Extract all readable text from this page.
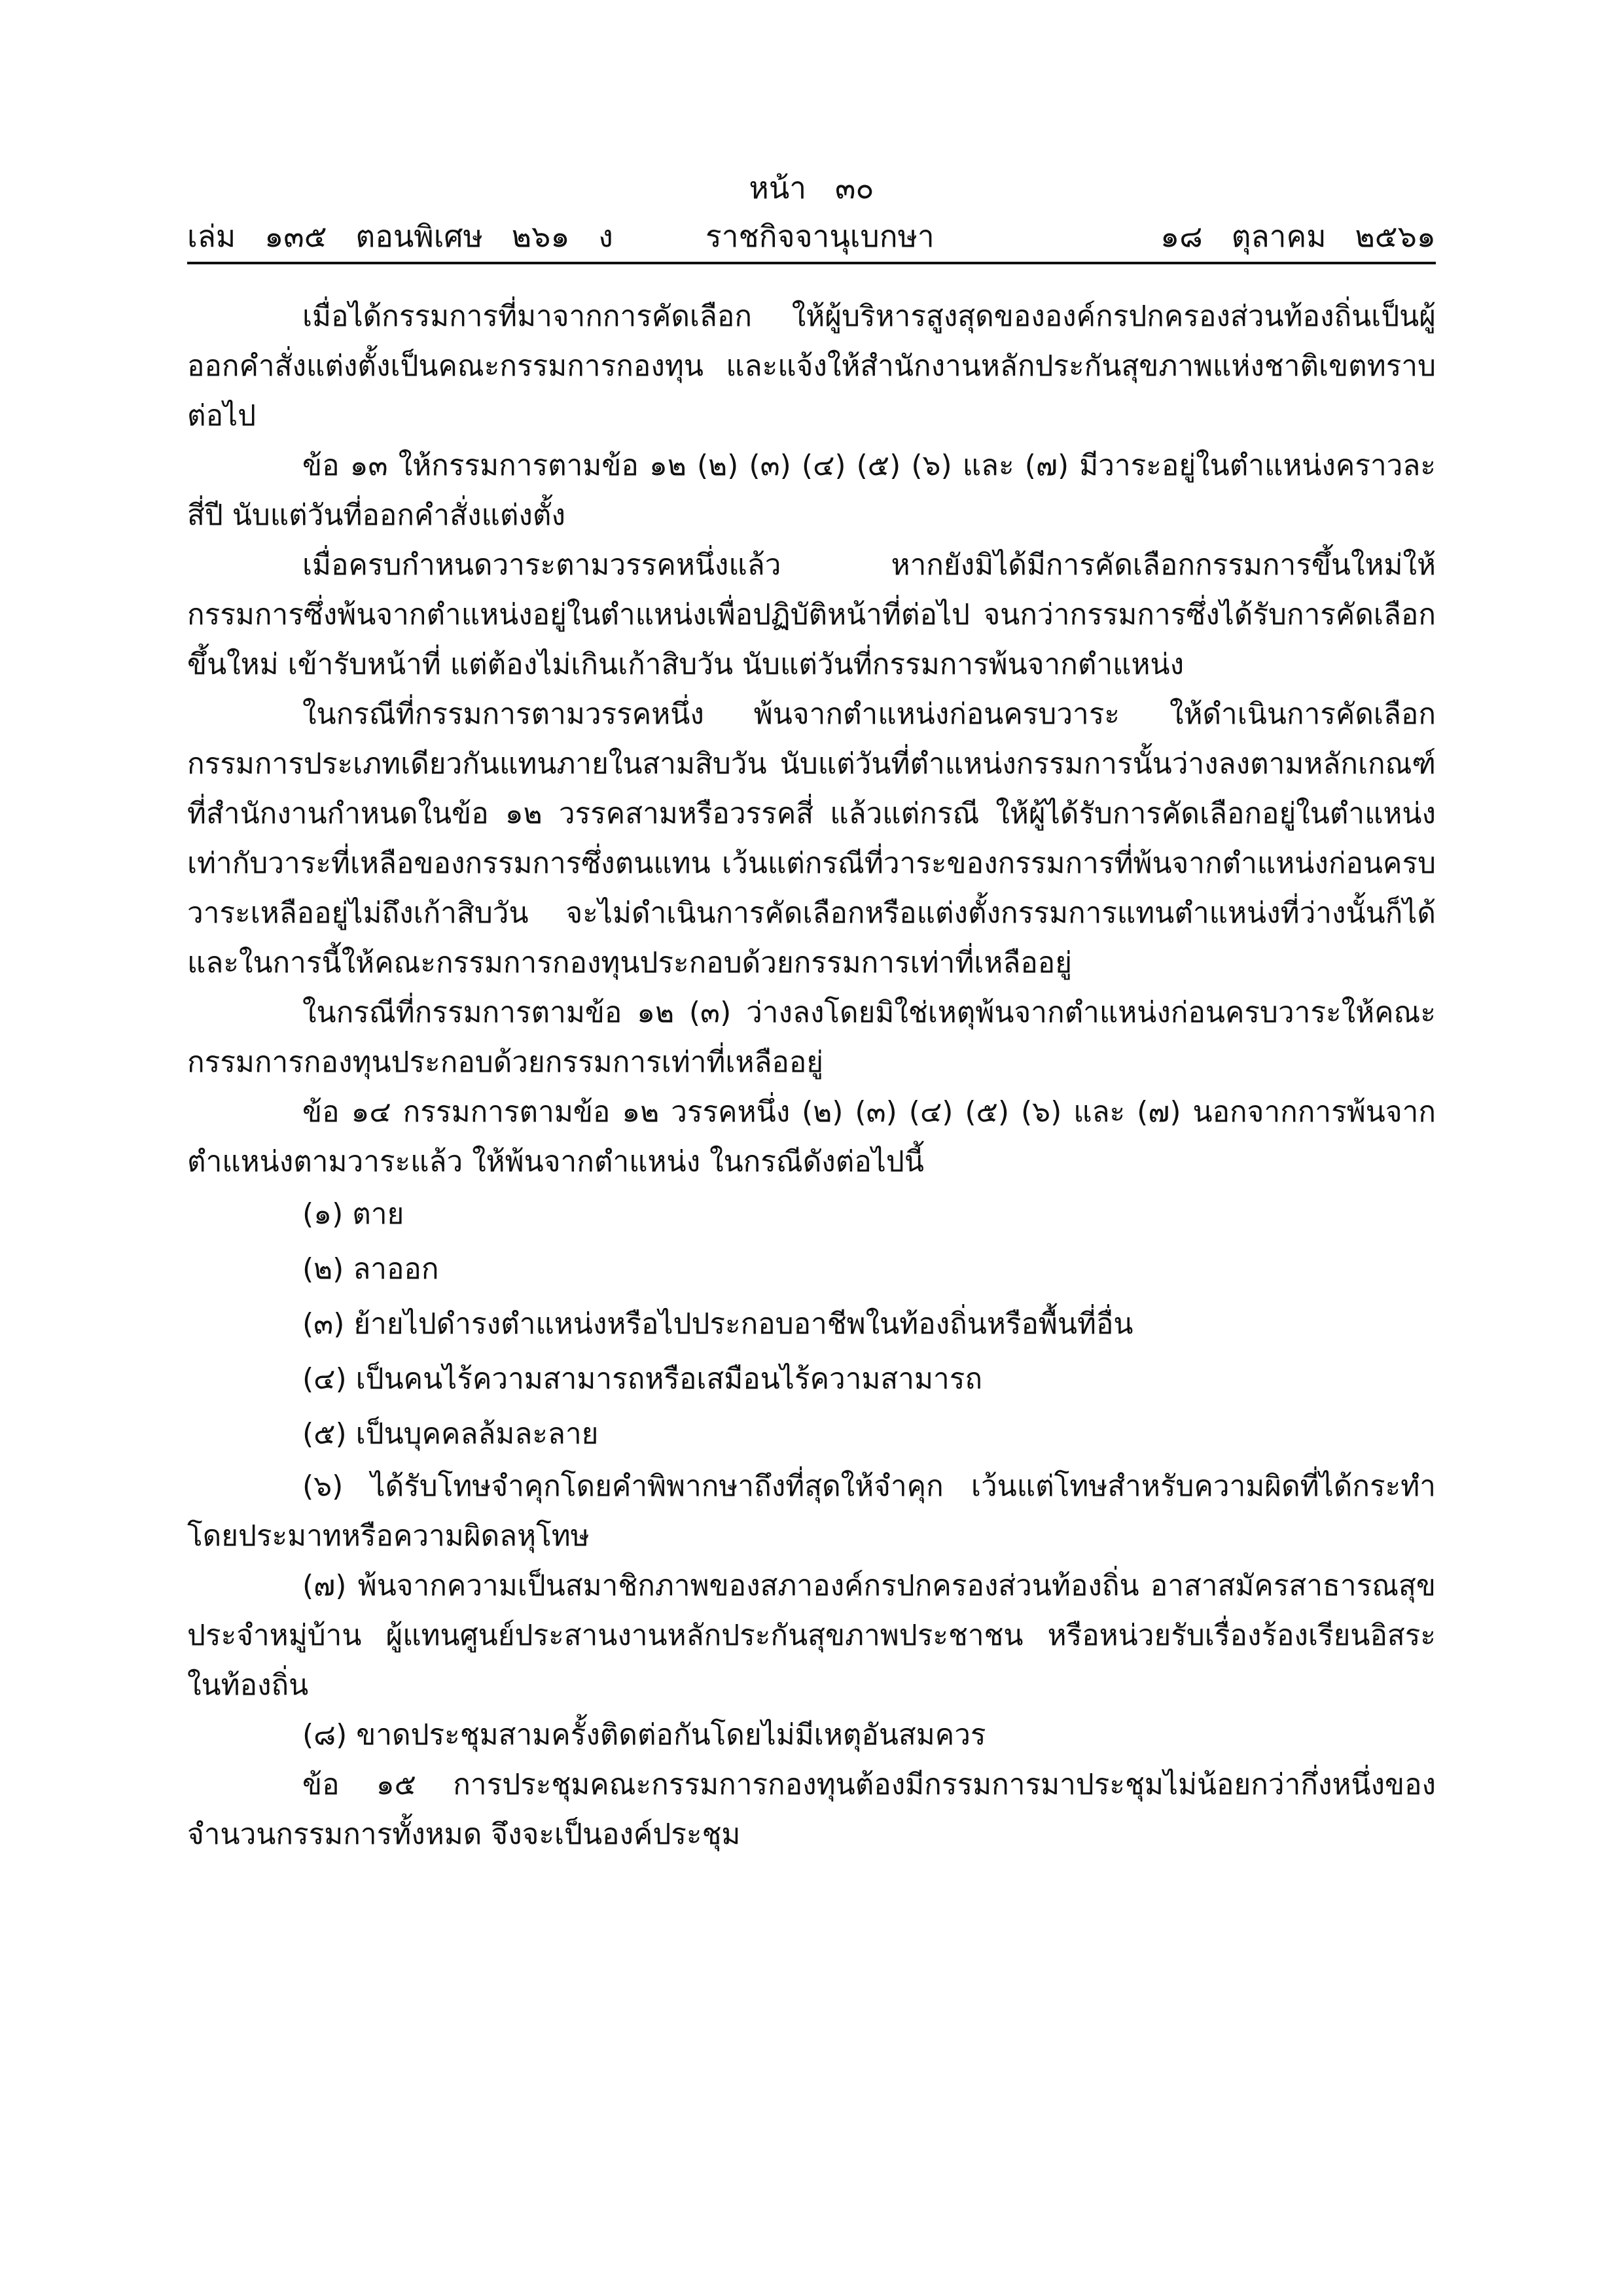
หน้า   ๓๐

เล่ม   ๑๓๕   ตอนพิเศษ   ๒๖๑   ง

	ราชกิจจานุเบกษา

	๑๘   ตุลาคม   ๒๕๖๑

เมื่อได้กรรมการที่มาจากการคัดเลือก ให้ผู้บริหารสูงสุดขององค์กรปกครองส่วนท้องถิ่นเป็นผู้ออกคำสั่งแต่งตั้งเป็นคณะกรรมการกองทุน และแจ้งให้สำนักงานหลักประกันสุขภาพแห่งชาติเขตทราบต่อไป

ข้อ ๑๓ ให้กรรมการตามข้อ ๑๒ (๒) (๓) (๔) (๕) (๖) และ (๗) มีวาระอยู่ในตำแหน่งคราวละสี่ปี นับแต่วันที่ออกคำสั่งแต่งตั้ง

เมื่อครบกำหนดวาระตามวรรคหนึ่งแล้ว หากยังมิได้มีการคัดเลือกกรรมการขึ้นใหม่ให้กรรมการซึ่งพ้นจากตำแหน่งอยู่ในตำแหน่งเพื่อปฏิบัติหน้าที่ต่อไป จนกว่ากรรมการซึ่งได้รับการคัดเลือกขึ้นใหม่ เข้ารับหน้าที่ แต่ต้องไม่เกินเก้าสิบวัน นับแต่วันที่กรรมการพ้นจากตำแหน่ง

ในกรณีที่กรรมการตามวรรคหนึ่ง พ้นจากตำแหน่งก่อนครบวาระ ให้ดำเนินการคัดเลือกกรรมการประเภทเดียวกันแทนภายในสามสิบวัน นับแต่วันที่ตำแหน่งกรรมการนั้นว่างลงตามหลักเกณฑ์ที่สำนักงานกำหนดในข้อ ๑๒ วรรคสามหรือวรรคสี่ แล้วแต่กรณี ให้ผู้ได้รับการคัดเลือกอยู่ในตำแหน่งเท่ากับวาระที่เหลือของกรรมการซึ่งตนแทน เว้นแต่กรณีที่วาระของกรรมการที่พ้นจากตำแหน่งก่อนครบวาระเหลืออยู่ไม่ถึงเก้าสิบวัน จะไม่ดำเนินการคัดเลือกหรือแต่งตั้งกรรมการแทนตำแหน่งที่ว่างนั้นก็ได้ และในการนี้ให้คณะกรรมการกองทุนประกอบด้วยกรรมการเท่าที่เหลืออยู่

ในกรณีที่กรรมการตามข้อ ๑๒ (๓) ว่างลงโดยมิใช่เหตุพ้นจากตำแหน่งก่อนครบวาระให้คณะกรรมการกองทุนประกอบด้วยกรรมการเท่าที่เหลืออยู่

ข้อ ๑๔ กรรมการตามข้อ ๑๒ วรรคหนึ่ง (๒) (๓) (๔) (๕) (๖) และ (๗) นอกจากการพ้นจากตำแหน่งตามวาระแล้ว ให้พ้นจากตำแหน่ง ในกรณีดังต่อไปนี้

(๑) ตาย

(๒) ลาออก

(๓) ย้ายไปดำรงตำแหน่งหรือไปประกอบอาชีพในท้องถิ่นหรือพื้นที่อื่น

(๔) เป็นคนไร้ความสามารถหรือเสมือนไร้ความสามารถ

(๕) เป็นบุคคลล้มละลาย

(๖) ได้รับโทษจำคุกโดยคำพิพากษาถึงที่สุดให้จำคุก เว้นแต่โทษสำหรับความผิดที่ได้กระทำโดยประมาทหรือความผิดลหุโทษ

(๗) พ้นจากความเป็นสมาชิกภาพของสภาองค์กรปกครองส่วนท้องถิ่น อาสาสมัครสาธารณสุขประจำหมู่บ้าน ผู้แทนศูนย์ประสานงานหลักประกันสุขภาพประชาชน หรือหน่วยรับเรื่องร้องเรียนอิสระในท้องถิ่น

(๘) ขาดประชุมสามครั้งติดต่อกันโดยไม่มีเหตุอันสมควร

ข้อ ๑๕ การประชุมคณะกรรมการกองทุนต้องมีกรรมการมาประชุมไม่น้อยกว่ากึ่งหนึ่งของจำนวนกรรมการทั้งหมด จึงจะเป็นองค์ประชุม
